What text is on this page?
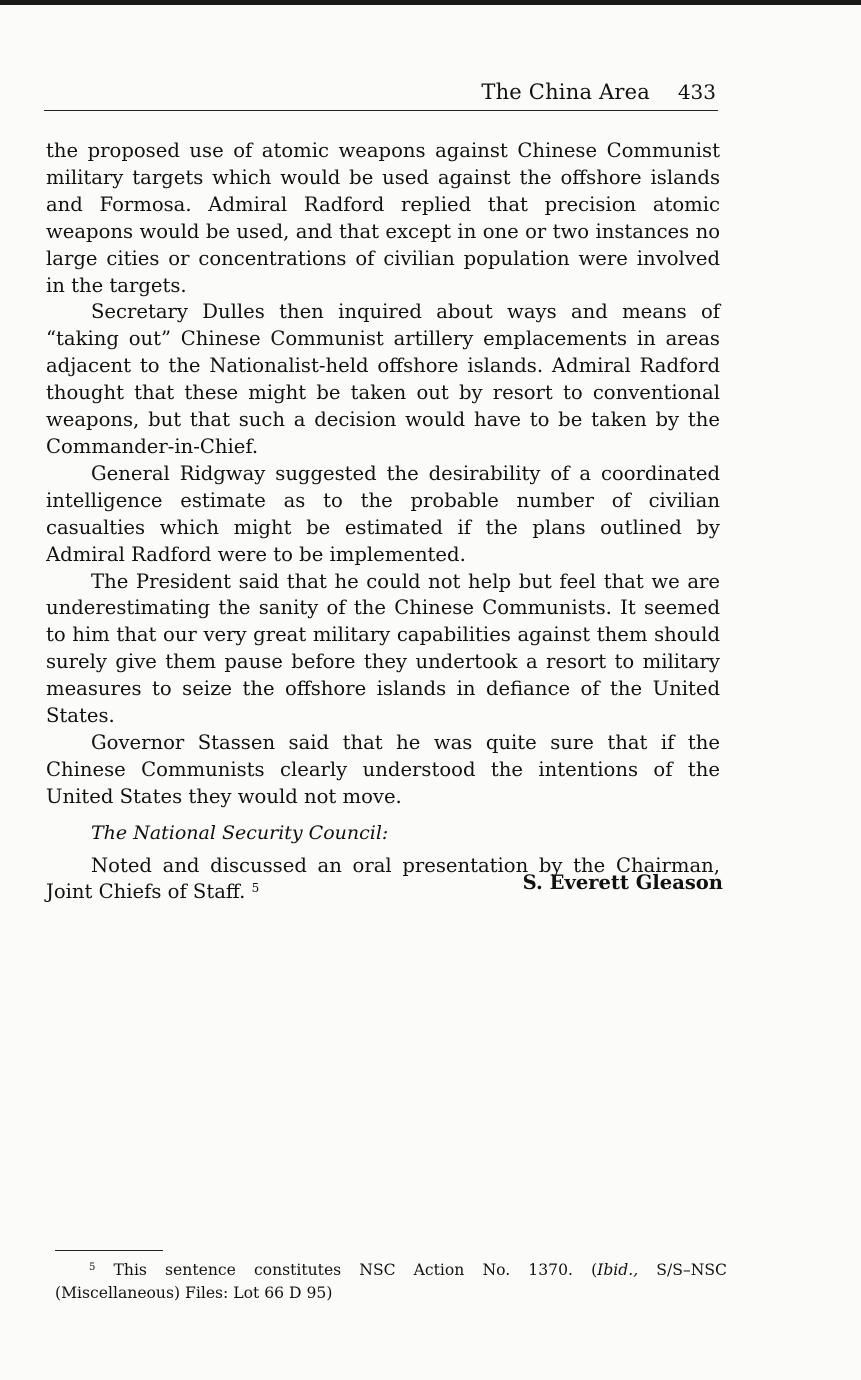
The China Area 433

the proposed use of atomic weapons against Chinese Communist military targets which would be used against the offshore islands and Formosa. Admiral Radford replied that precision atomic weapons would be used, and that except in one or two instances no large cities or concentrations of civilian population were involved in the targets.

Secretary Dulles then inquired about ways and means of “taking out” Chinese Communist artillery emplacements in areas adjacent to the Nationalist-held offshore islands. Admiral Radford thought that these might be taken out by resort to conventional weapons, but that such a decision would have to be taken by the Commander-in-Chief.

General Ridgway suggested the desirability of a coordinated intelligence estimate as to the probable number of civilian casualties which might be estimated if the plans outlined by Admiral Radford were to be implemented.

The President said that he could not help but feel that we are underestimating the sanity of the Chinese Communists. It seemed to him that our very great military capabilities against them should surely give them pause before they undertook a resort to military measures to seize the offshore islands in defiance of the United States.

Governor Stassen said that he was quite sure that if the Chinese Communists clearly understood the intentions of the United States they would not move.

The National Security Council:

Noted and discussed an oral presentation by the Chairman, Joint Chiefs of Staff. $^5$	S. Everett Gleason

$^5$ This sentence constitutes NSC Action No. 1370. (Ibid., S/S–NSC (Miscellaneous) Files: Lot 66 D 95)
